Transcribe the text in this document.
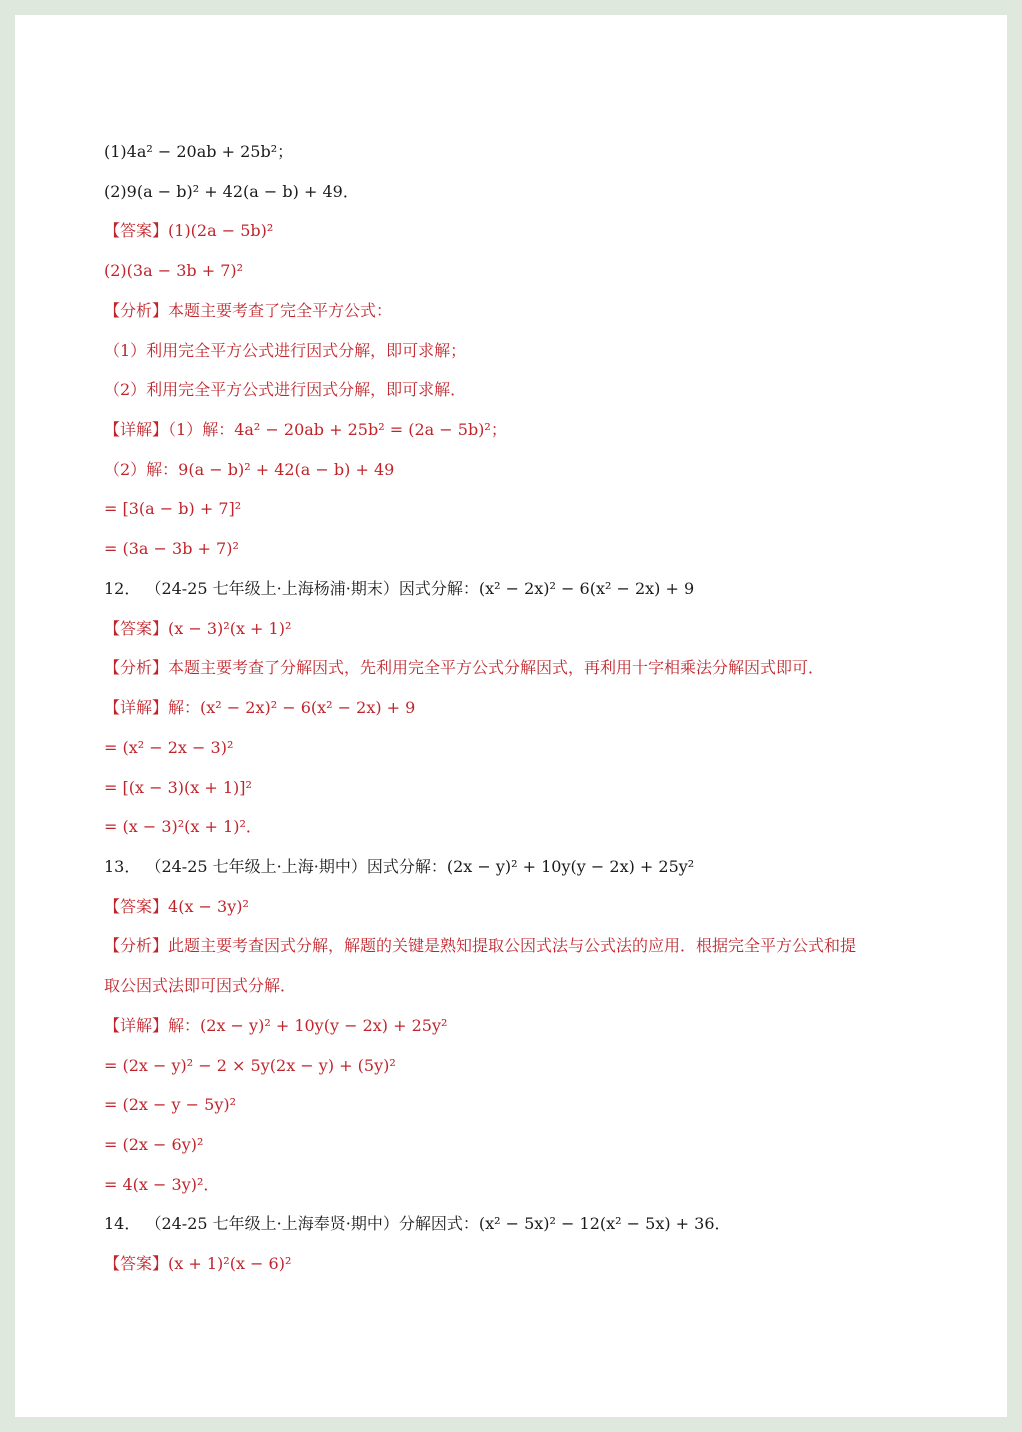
(1)4a² − 20ab + 25b²；
(2)9(a − b)² + 42(a − b) + 49．
【答案】(1)(2a − 5b)²
(2)(3a − 3b + 7)²
【分析】本题主要考查了完全平方公式：
（1）利用完全平方公式进行因式分解，即可求解；
（2）利用完全平方公式进行因式分解，即可求解．
【详解】（1）解：4a² − 20ab + 25b² = (2a − 5b)²；
（2）解：9(a − b)² + 42(a − b) + 49
= [3(a − b) + 7]²
= (3a − 3b + 7)²
12． （24-25 七年级上·上海杨浦·期末）因式分解：(x² − 2x)² − 6(x² − 2x) + 9
【答案】(x − 3)²(x + 1)²
【分析】本题主要考查了分解因式，先利用完全平方公式分解因式，再利用十字相乘法分解因式即可．
【详解】解：(x² − 2x)² − 6(x² − 2x) + 9
= (x² − 2x − 3)²
= [(x − 3)(x + 1)]²
= (x − 3)²(x + 1)²．
13． （24-25 七年级上·上海·期中）因式分解：(2x − y)² + 10y(y − 2x) + 25y²
【答案】4(x − 3y)²
【分析】此题主要考查因式分解，解题的关键是熟知提取公因式法与公式法的应用．根据完全平方公式和提
取公因式法即可因式分解．
【详解】解：(2x − y)² + 10y(y − 2x) + 25y²
= (2x − y)² − 2 × 5y(2x − y) + (5y)²
= (2x − y − 5y)²
= (2x − 6y)²
= 4(x − 3y)²．
14． （24-25 七年级上·上海奉贤·期中）分解因式：(x² − 5x)² − 12(x² − 5x) + 36．
【答案】(x + 1)²(x − 6)²
